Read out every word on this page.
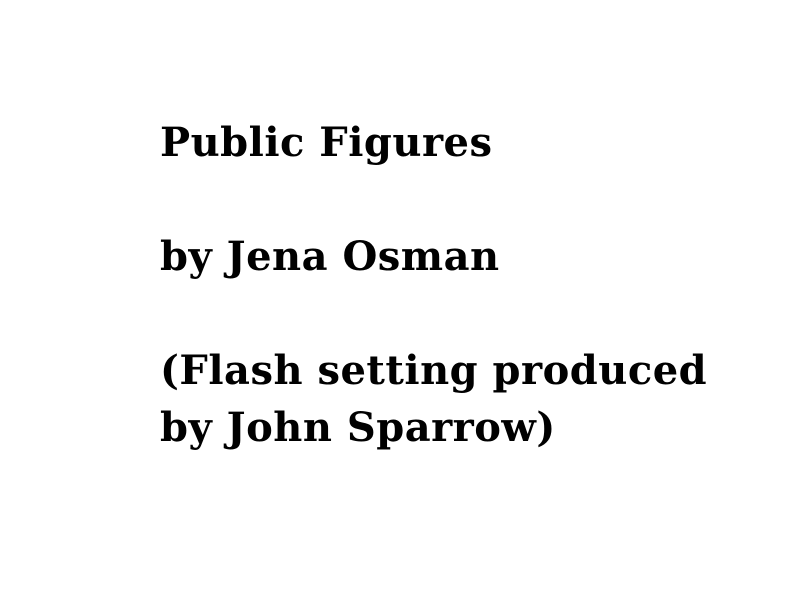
Public Figures

by Jena Osman

(Flash setting produced

by John Sparrow)
